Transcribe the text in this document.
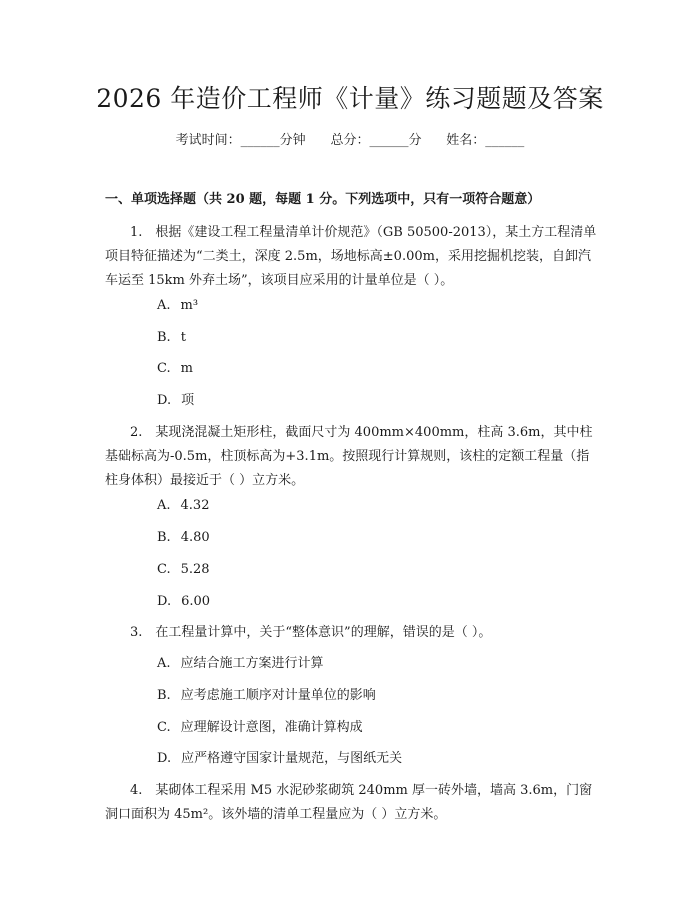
2026 年造价工程师《计量》练习题题及答案
考试时间：______分钟 总分：______分 姓名：______
一、单项选择题（共 20 题，每题 1 分。下列选项中，只有一项符合题意）
1.　根据《建设工程工程量清单计价规范》（GB 50500-2013），某土方工程清单项目特征描述为“二类土，深度 2.5m，场地标高±0.00m，采用挖掘机挖装，自卸汽车运至 15km 外弃土场”，该项目应采用的计量单位是（ ）。
A. m³
B. t
C. m
D. 项
2.　某现浇混凝土矩形柱，截面尺寸为 400mm×400mm，柱高 3.6m，其中柱基础标高为-0.5m，柱顶标高为+3.1m。按照现行计算规则，该柱的定额工程量（指柱身体积）最接近于（ ）立方米。
A. 4.32
B. 4.80
C. 5.28
D. 6.00
3.　在工程量计算中，关于“整体意识”的理解，错误的是（ ）。
A. 应结合施工方案进行计算
B. 应考虑施工顺序对计量单位的影响
C. 应理解设计意图，准确计算构成
D. 应严格遵守国家计量规范，与图纸无关
4.　某砌体工程采用 M5 水泥砂浆砌筑 240mm 厚一砖外墙，墙高 3.6m，门窗洞口面积为 45m²。该外墙的清单工程量应为（ ）立方米。
